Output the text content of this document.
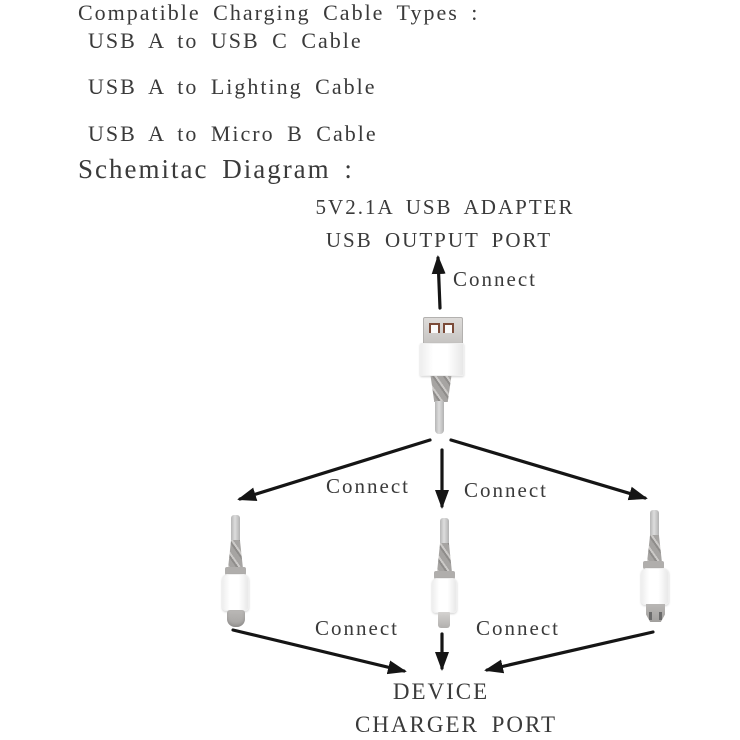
Compatible Charging Cable Types :
USB A to USB C Cable
USB A to Lighting Cable
USB A to Micro B Cable
Schemitac Diagram :
5V2.1A USB ADAPTER
USB OUTPUT PORT
Connect
Connect	Connect
Connect	Connect
DEVICE
CHARGER PORT
